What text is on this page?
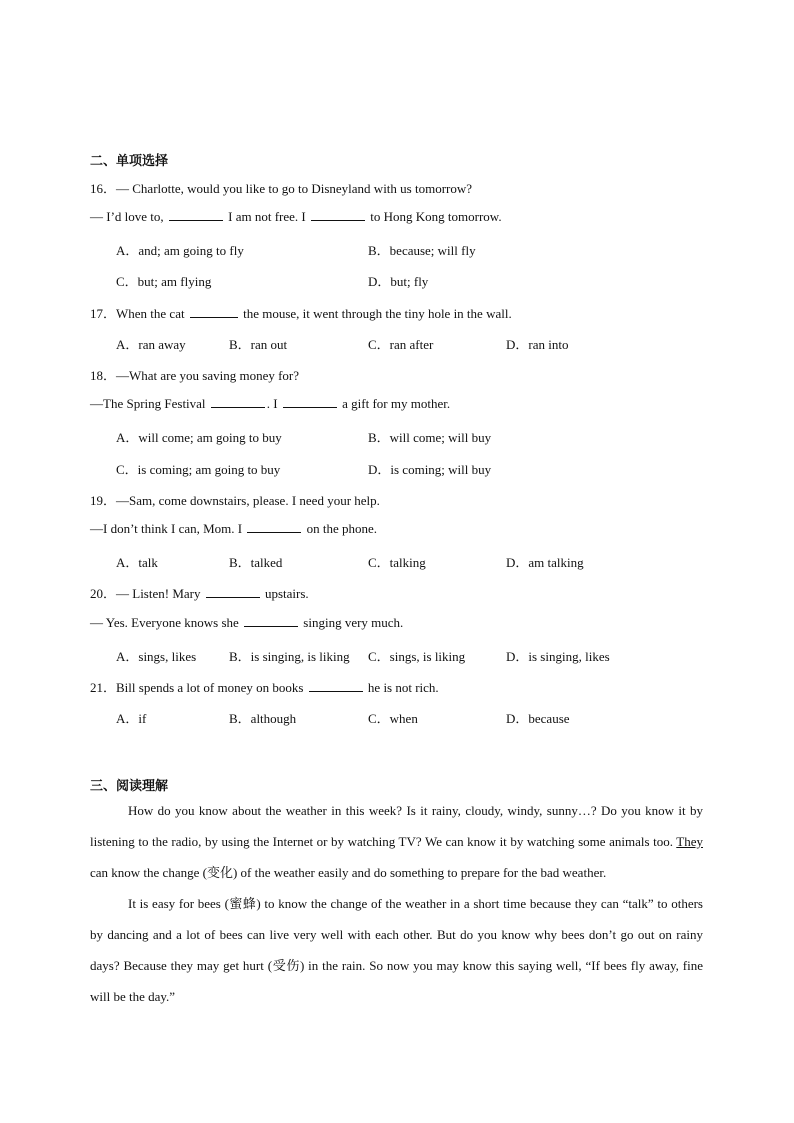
二、单项选择
16．— Charlotte, would you like to go to Disneyland with us tomorrow?
— I’d love to,	I am not free. I	to Hong Kong tomorrow.
A．and; am going to fly	B．because; will fly
C．but; am flying	D．but; fly
17．When the cat	the mouse, it went through the tiny hole in the wall.
A．ran away	B．ran out	C．ran after	D．ran into
18．—What are you saving money for?
—The Spring Festival	. I	a gift for my mother.
A．will come; am going to buy	B．will come; will buy
C．is coming; am going to buy	D．is coming; will buy
19．—Sam, come downstairs, please. I need your help.
—I don’t think I can, Mom. I	on the phone.
A．talk	B．talked	C．talking	D．am talking
20．— Listen! Mary	upstairs.
— Yes. Everyone knows she	singing very much.
A．sings, likes	B．is singing, is liking C．sings, is liking	D．is singing, likes
21．Bill spends a lot of money on books	he is not rich.
A．if	B．although	C．when	D．because
三、阅读理解

How do you know about the weather in this week? Is it rainy, cloudy, windy, sunny…? Do you know it by listening to the radio, by using the Internet or by watching TV? We can know it by watching some animals too. They can know the change (变化) of the weather easily and do something to prepare for the bad weather.

It is easy for bees (蜜蜂) to know the change of the weather in a short time because they can “talk” to others by dancing and a lot of bees can live very well with each other. But do you know why bees don’t go out on rainy days? Because they may get hurt (受伤) in the rain. So now you may know this saying well, “If bees fly away, fine will be the day.”
